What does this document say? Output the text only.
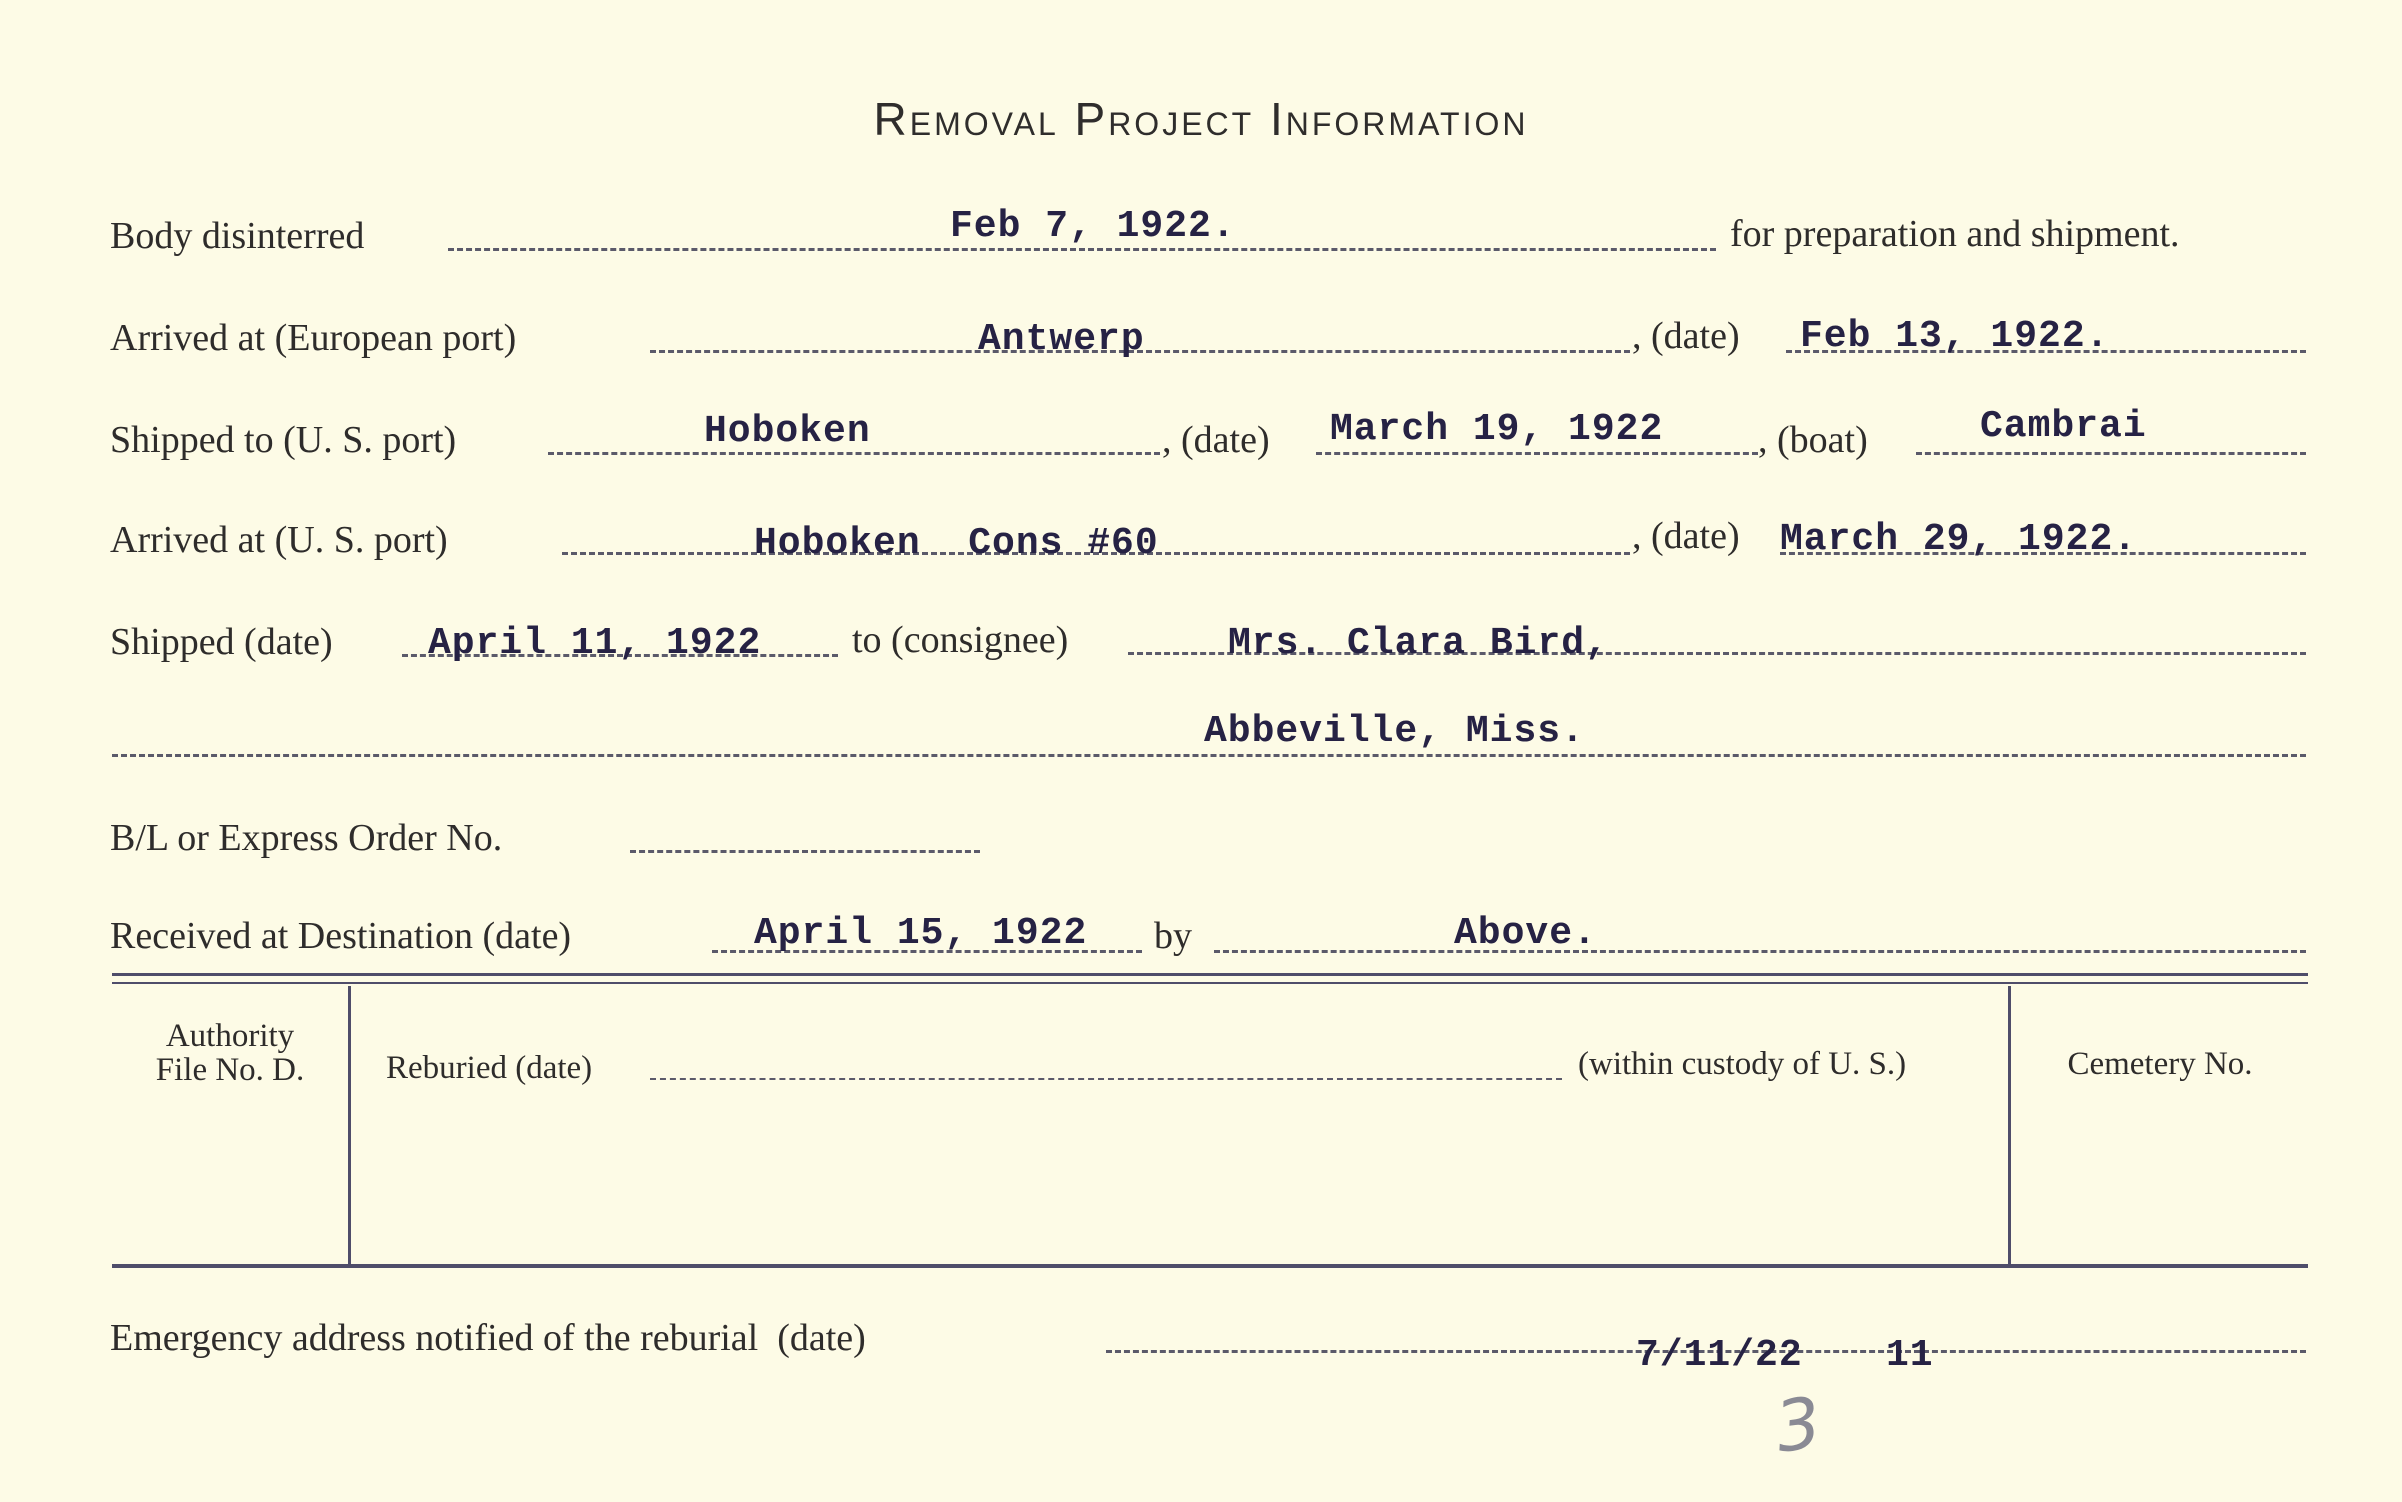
Removal Project Information
Body disinterred	Feb 7, 1922.	for preparation and shipment.
Arrived at (European port)	Antwerp	, (date) Feb 13, 1922.
Shipped to (U. S. port)	Hoboken	, (date) March 19, 1922 , (boat)	Cambrai
Arrived at (U. S. port)	Hoboken  Cons #60	, (date) March 29, 1922.
Shipped (date)	April 11, 1922 to (consignee)	Mrs. Clara Bird,
Abbeville, Miss.
B/L or Express Order No.
Received at Destination (date)	April 15, 1922 by	Above.
Authority
File No. D.	Reburied (date)	(within custody of U. S.)	Cemetery No.
Emergency address notified of the reburial  (date)	7/11/22 11
3
